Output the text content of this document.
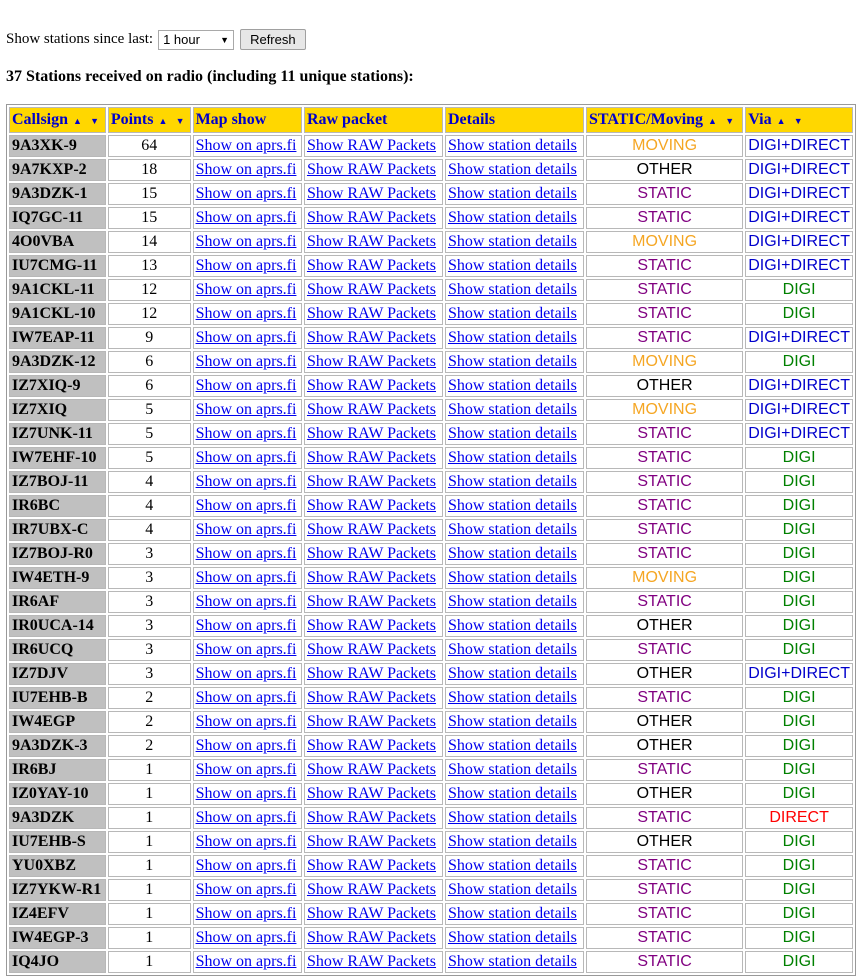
Show stations since last: 1 hour ▼	Refresh
37 Stations received on radio (including 11 unique stations):
Callsign ▲ ▼	Points ▲ ▼	Map show	Raw packet	Details	STATIC/Moving ▲ ▼	Via ▲ ▼
9A3XK-9	64	Show on aprs.fi	Show RAW Packets	Show station details	MOVING	DIGI+DIRECT
9A7KXP-2	18	Show on aprs.fi	Show RAW Packets	Show station details	OTHER	DIGI+DIRECT
9A3DZK-1	15	Show on aprs.fi	Show RAW Packets	Show station details	STATIC	DIGI+DIRECT
IQ7GC-11	15	Show on aprs.fi	Show RAW Packets	Show station details	STATIC	DIGI+DIRECT
4O0VBA	14	Show on aprs.fi	Show RAW Packets	Show station details	MOVING	DIGI+DIRECT
IU7CMG-11	13	Show on aprs.fi	Show RAW Packets	Show station details	STATIC	DIGI+DIRECT
9A1CKL-11	12	Show on aprs.fi	Show RAW Packets	Show station details	STATIC	DIGI
9A1CKL-10	12	Show on aprs.fi	Show RAW Packets	Show station details	STATIC	DIGI
IW7EAP-11	9	Show on aprs.fi	Show RAW Packets	Show station details	STATIC	DIGI+DIRECT
9A3DZK-12	6	Show on aprs.fi	Show RAW Packets	Show station details	MOVING	DIGI
IZ7XIQ-9	6	Show on aprs.fi	Show RAW Packets	Show station details	OTHER	DIGI+DIRECT
IZ7XIQ	5	Show on aprs.fi	Show RAW Packets	Show station details	MOVING	DIGI+DIRECT
IZ7UNK-11	5	Show on aprs.fi	Show RAW Packets	Show station details	STATIC	DIGI+DIRECT
IW7EHF-10	5	Show on aprs.fi	Show RAW Packets	Show station details	STATIC	DIGI
IZ7BOJ-11	4	Show on aprs.fi	Show RAW Packets	Show station details	STATIC	DIGI
IR6BC	4	Show on aprs.fi	Show RAW Packets	Show station details	STATIC	DIGI
IR7UBX-C	4	Show on aprs.fi	Show RAW Packets	Show station details	STATIC	DIGI
IZ7BOJ-R0	3	Show on aprs.fi	Show RAW Packets	Show station details	STATIC	DIGI
IW4ETH-9	3	Show on aprs.fi	Show RAW Packets	Show station details	MOVING	DIGI
IR6AF	3	Show on aprs.fi	Show RAW Packets	Show station details	STATIC	DIGI
IR0UCA-14	3	Show on aprs.fi	Show RAW Packets	Show station details	OTHER	DIGI
IR6UCQ	3	Show on aprs.fi	Show RAW Packets	Show station details	STATIC	DIGI
IZ7DJV	3	Show on aprs.fi	Show RAW Packets	Show station details	OTHER	DIGI+DIRECT
IU7EHB-B	2	Show on aprs.fi	Show RAW Packets	Show station details	STATIC	DIGI
IW4EGP	2	Show on aprs.fi	Show RAW Packets	Show station details	OTHER	DIGI
9A3DZK-3	2	Show on aprs.fi	Show RAW Packets	Show station details	OTHER	DIGI
IR6BJ	1	Show on aprs.fi	Show RAW Packets	Show station details	STATIC	DIGI
IZ0YAY-10	1	Show on aprs.fi	Show RAW Packets	Show station details	OTHER	DIGI
9A3DZK	1	Show on aprs.fi	Show RAW Packets	Show station details	STATIC	DIRECT
IU7EHB-S	1	Show on aprs.fi	Show RAW Packets	Show station details	OTHER	DIGI
YU0XBZ	1	Show on aprs.fi	Show RAW Packets	Show station details	STATIC	DIGI
IZ7YKW-R1	1	Show on aprs.fi	Show RAW Packets	Show station details	STATIC	DIGI
IZ4EFV	1	Show on aprs.fi	Show RAW Packets	Show station details	STATIC	DIGI
IW4EGP-3	1	Show on aprs.fi	Show RAW Packets	Show station details	STATIC	DIGI
IQ4JO	1	Show on aprs.fi	Show RAW Packets	Show station details	STATIC	DIGI
